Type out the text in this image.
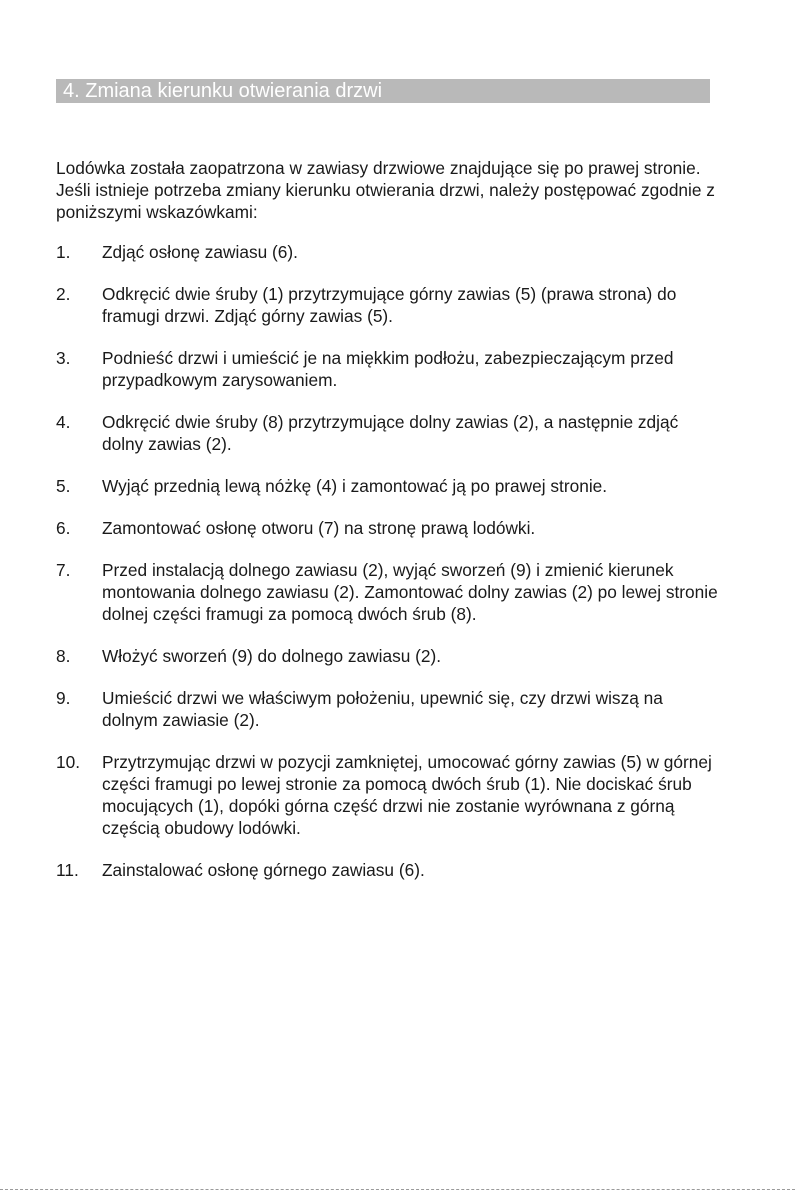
4. Zmiana kierunku otwierania drzwi

Lodówka została zaopatrzona w zawiasy drzwiowe znajdujące się po prawej stronie. Jeśli istnieje potrzeba zmiany kierunku otwierania drzwi, należy postępować zgodnie z poniższymi wskazówkami:

1.	Zdjąć osłonę zawiasu (6).
2.	Odkręcić dwie śruby (1) przytrzymujące górny zawias (5) (prawa strona) do framugi drzwi. Zdjąć górny zawias (5).
3.	Podnieść drzwi i umieścić je na miękkim podłożu, zabezpieczającym przed przypadkowym zarysowaniem.
4.	Odkręcić dwie śruby (8) przytrzymujące dolny zawias (2), a następnie zdjąć dolny zawias (2).
5.	Wyjąć przednią lewą nóżkę (4) i zamontować ją po prawej stronie.
6.	Zamontować osłonę otworu (7) na stronę prawą lodówki.
7.	Przed instalacją dolnego zawiasu (2), wyjąć sworzeń (9) i zmienić kierunek montowania dolnego zawiasu (2). Zamontować dolny zawias (2) po lewej stronie dolnej części framugi za pomocą dwóch śrub (8).
8.	Włożyć sworzeń (9) do dolnego zawiasu (2).
9.	Umieścić drzwi we właściwym położeniu, upewnić się, czy drzwi wiszą na dolnym zawiasie (2).
10.	Przytrzymując drzwi w pozycji zamkniętej, umocować górny zawias (5) w górnej części framugi po lewej stronie za pomocą dwóch śrub (1). Nie dociskać śrub mocujących (1), dopóki górna część drzwi nie zostanie wyrównana z górną częścią obudowy lodówki.
11.	Zainstalować osłonę górnego zawiasu (6).
